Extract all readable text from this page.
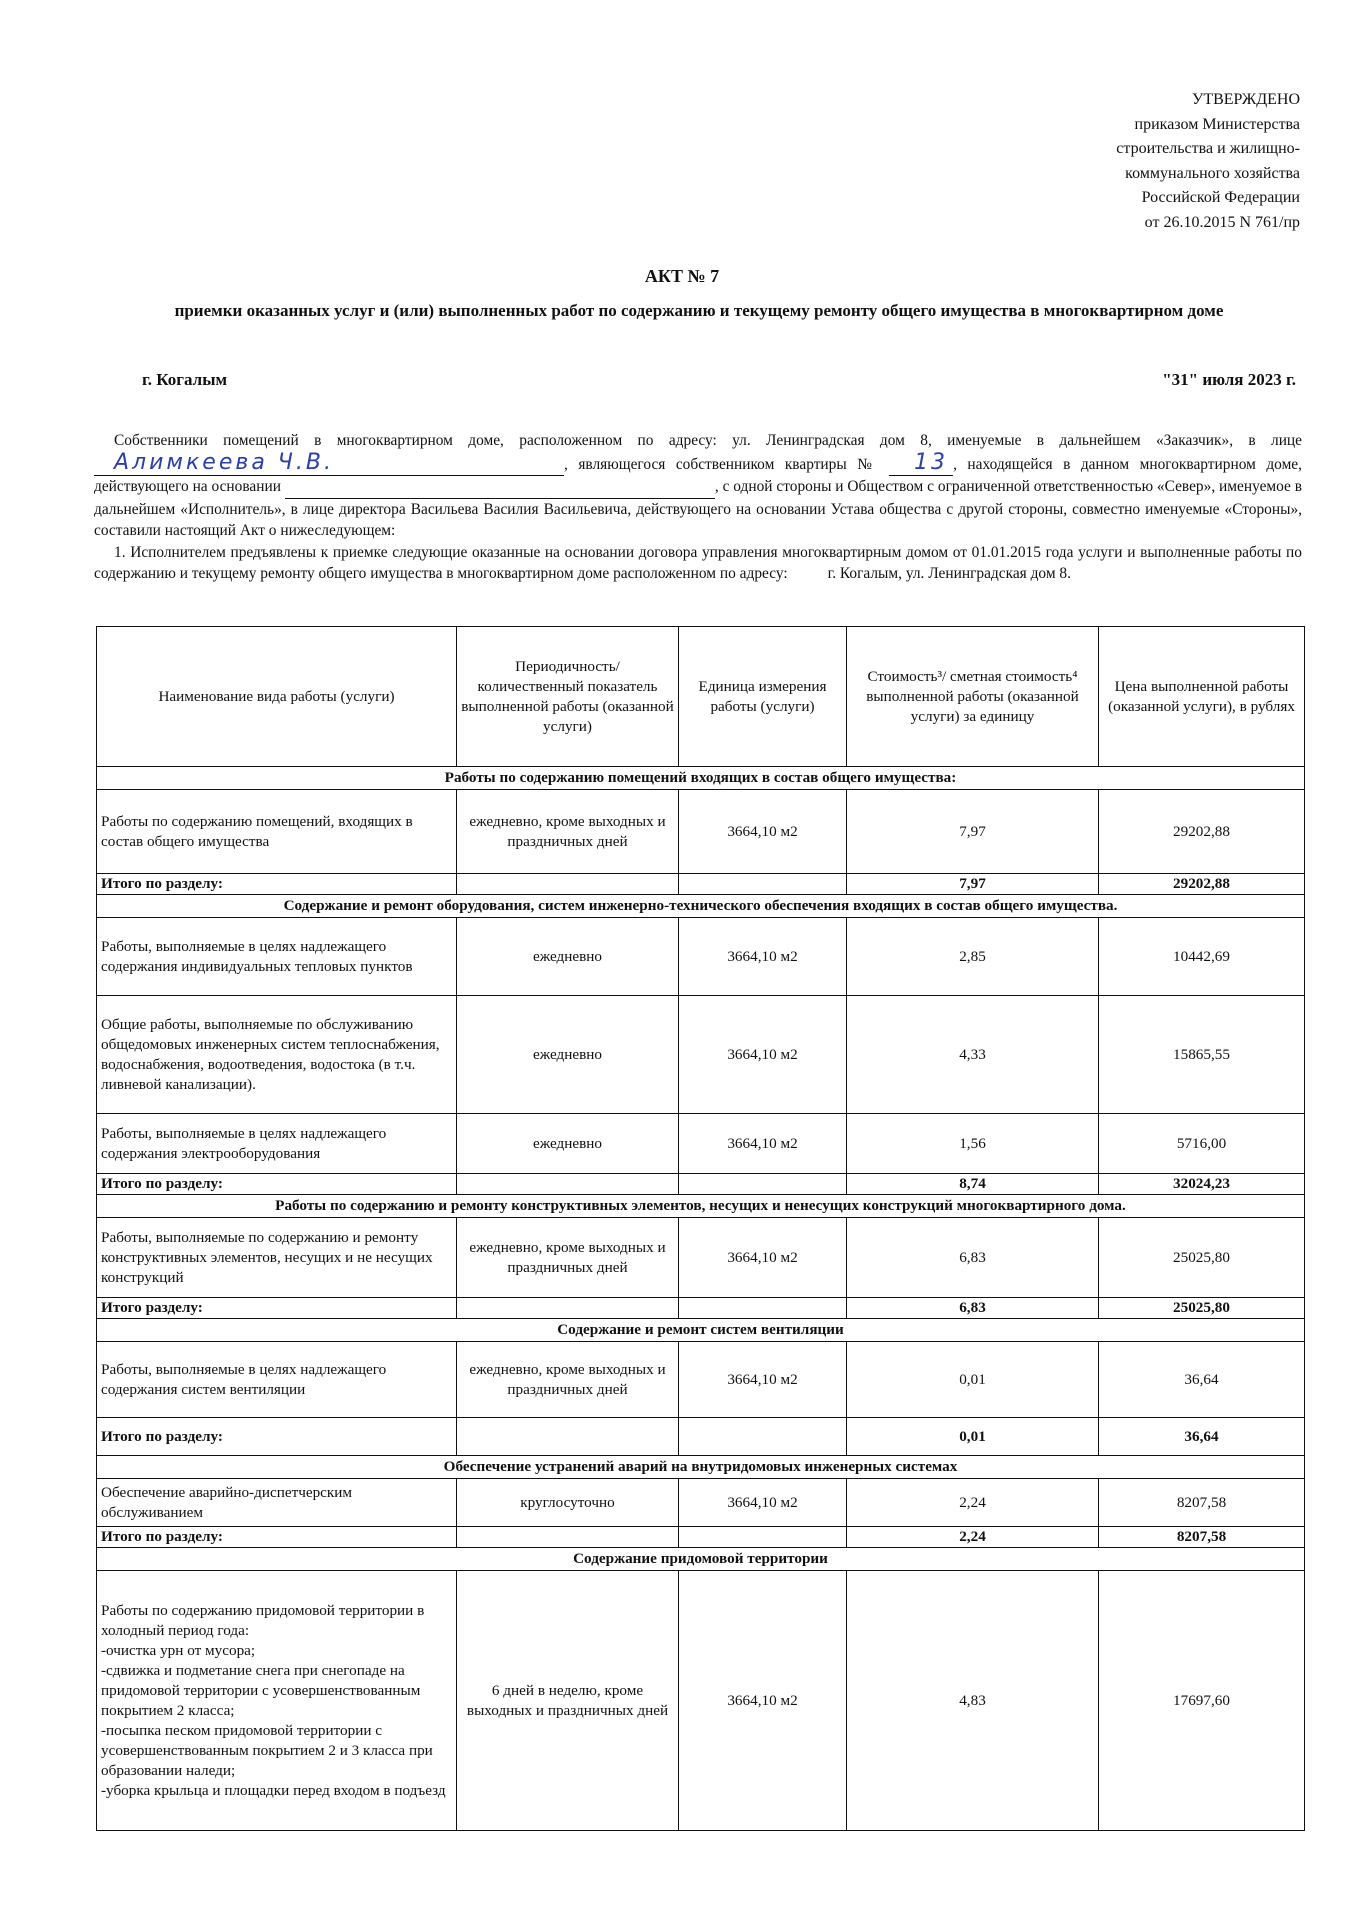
УТВЕРЖДЕНО
приказом Министерства
строительства и жилищно-
коммунального хозяйства
Российской Федерации
от 26.10.2015 N 761/пр
АКТ № 7
приемки оказанных услуг и (или) выполненных работ по содержанию и текущему ремонту общего имущества в многоквартирном доме
г. Когалым	"31" июля 2023 г.

Собственники помещений в многоквартирном доме, расположенном по адресу: ул. Ленинградская дом 8, именуемые в дальнейшем «Заказчик», в лице Алимкеева Ч.В.	, являющегося собственником квартиры № 13 , находящейся в данном многоквартирном доме, действующего на основании	, с одной стороны и Обществом с ограниченной ответственностью «Север», именуемое в дальнейшем «Исполнитель», в лице директора Васильева Василия Васильевича, действующего на основании Устава общества с другой стороны, совместно именуемые «Стороны», составили настоящий Акт о нижеследующем:

1. Исполнителем предъявлены к приемке следующие оказанные на основании договора управления многоквартирным домом от 01.01.2015 года услуги и выполненные работы по содержанию и текущему ремонту общего имущества в многоквартирном доме расположенном по адресу:	г. Когалым, ул. Ленинградская дом 8.

Наименование вида работы (услуги)	Периодичность/ количественный показатель выполненной работы (оказанной услуги)	Единица измерения работы (услуги)	Стоимость³/ сметная стоимость⁴ выполненной работы (оказанной услуги) за единицу	Цена выполненной работы (оказанной услуги), в рублях
Работы по содержанию помещений входящих в состав общего имущества:				
Работы по содержанию помещений, входящих в состав общего имущества	ежедневно, кроме выходных и праздничных дней	3664,10 м2	7,97	29202,88
Итого по разделу:			7,97	29202,88
Содержание и ремонт оборудования, систем инженерно-технического обеспечения входящих в состав общего имущества.				
Работы, выполняемые в целях надлежащего содержания индивидуальных тепловых пунктов	ежедневно	3664,10 м2	2,85	10442,69
Общие работы, выполняемые по обслуживанию общедомовых инженерных систем теплоснабжения, водоснабжения, водоотведения, водостока (в т.ч. ливневой канализации).	ежедневно	3664,10 м2	4,33	15865,55
Работы, выполняемые в целях надлежащего содержания электрооборудования	ежедневно	3664,10 м2	1,56	5716,00
Итого по разделу:			8,74	32024,23
Работы по содержанию и ремонту конструктивных элементов, несущих и ненесущих конструкций многоквартирного дома.				
Работы, выполняемые по содержанию и ремонту конструктивных элементов, несущих и не несущих конструкций	ежедневно, кроме выходных и праздничных дней	3664,10 м2	6,83	25025,80
Итого разделу:			6,83	25025,80
Содержание и ремонт систем вентиляции				
Работы, выполняемые в целях надлежащего содержания систем вентиляции	ежедневно, кроме выходных и праздничных дней	3664,10 м2	0,01	36,64
Итого по разделу:			0,01	36,64
Обеспечение устранений аварий на внутридомовых инженерных системах				
Обеспечение аварийно-диспетчерским обслуживанием	круглосуточно	3664,10 м2	2,24	8207,58
Итого по разделу:			2,24	8207,58
Содержание придомовой территории				
Работы по содержанию придомовой территории в холодный период года:
-очистка урн от мусора;
-сдвижка и подметание снега при снегопаде на придомовой территории с усовершенствованным покрытием 2 класса;
-посыпка песком придомовой территории с усовершенствованным покрытием 2 и 3 класса при образовании наледи;
-уборка крыльца и площадки перед входом в подъезд	6 дней в неделю, кроме выходных и праздничных дней	3664,10 м2	4,83	17697,60
